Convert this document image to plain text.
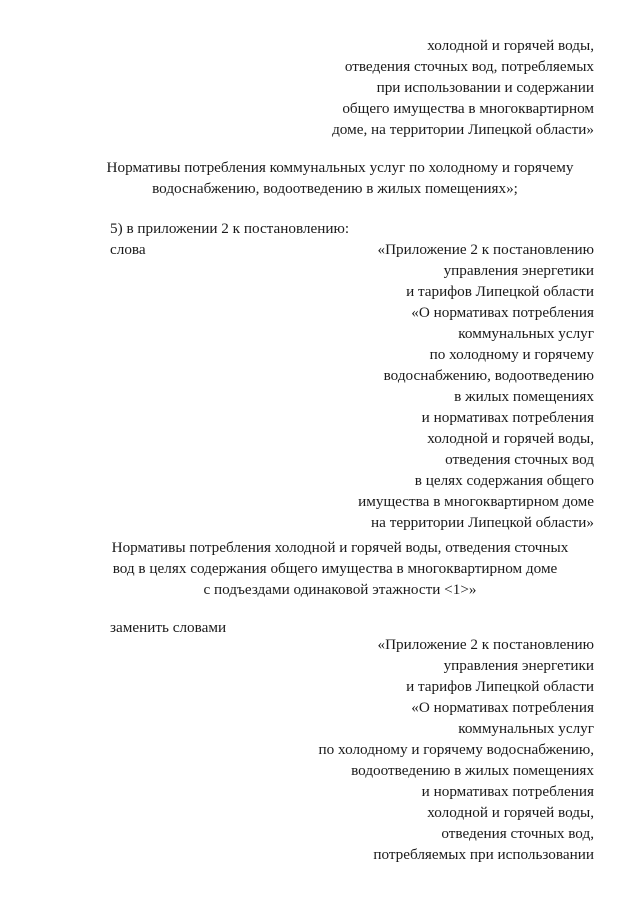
холодной и горячей воды,
отведения сточных вод, потребляемых
при использовании и содержании
общего имущества в многоквартирном
доме, на территории Липецкой области»
Нормативы потребления коммунальных услуг по холодному и горячему
водоснабжению, водоотведению в жилых помещениях»;
5) в приложении 2 к постановлению:
слова	«Приложение 2 к постановлению
управления энергетики
и тарифов Липецкой области
«О нормативах потребления
коммунальных услуг
по холодному и горячему
водоснабжению, водоотведению
в жилых помещениях
и нормативах потребления
холодной и горячей воды,
отведения сточных вод
в целях содержания общего
имущества в многоквартирном доме
на территории Липецкой области»
Нормативы потребления холодной и горячей воды, отведения сточных
вод в целях содержания общего имущества в многоквартирном доме
с подъездами одинаковой этажности <1>»
заменить словами
«Приложение 2 к постановлению
управления энергетики
и тарифов Липецкой области
«О нормативах потребления
коммунальных услуг
по холодному и горячему водоснабжению,
водоотведению в жилых помещениях
и нормативах потребления
холодной и горячей воды,
отведения сточных вод,
потребляемых при использовании
